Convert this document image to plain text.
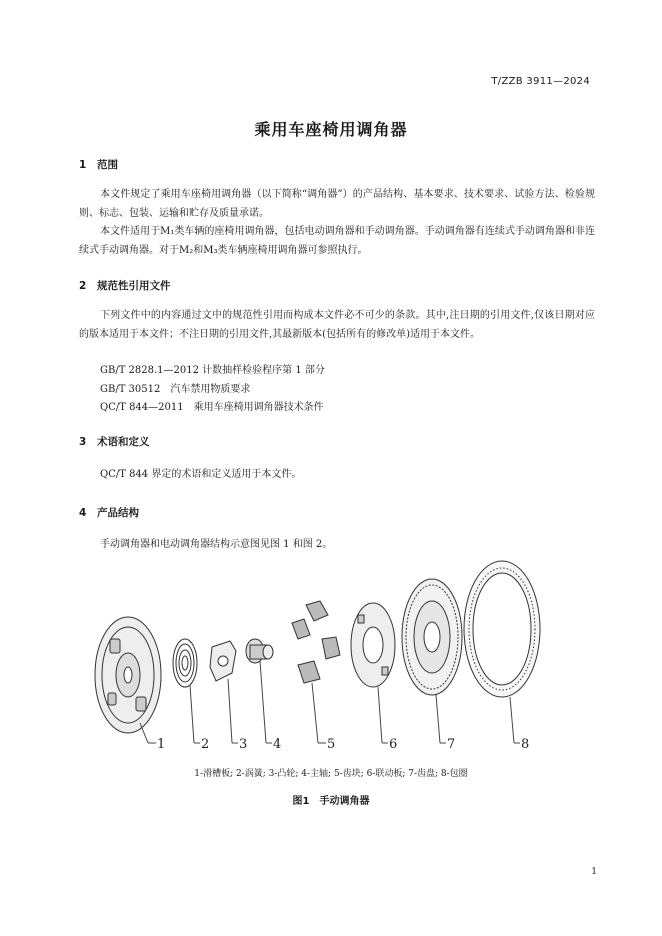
T/ZZB 3911—2024
乘用车座椅用调角器
1 范围

本文件规定了乘用车座椅用调角器（以下简称“调角器”）的产品结构、基本要求、技术要求、试验方法、检验规则、标志、包装、运输和贮存及质量承诺。

本文件适用于M₁类车辆的座椅用调角器，包括电动调角器和手动调角器。手动调角器有连续式手动调角器和非连续式手动调角器。对于M₂和M₃类车辆座椅用调角器可参照执行。

2 规范性引用文件

下列文件中的内容通过文中的规范性引用而构成本文件必不可少的条款。其中,注日期的引用文件,仅该日期对应的版本适用于本文件；不注日期的引用文件,其最新版本(包括所有的修改单)适用于本文件。

GB/T 2828.1—2012 计数抽样检验程序第 1 部分
GB/T 30512　汽车禁用物质要求
QC/T 844—2011　乘用车座椅用调角器技术条件
3 术语和定义

QC/T 844 界定的术语和定义适用于本文件。

4 产品结构

手动调角器和电动调角器结构示意图见图 1 和图 2。

1	2 3 4	5	6	7	8
1-滑槽板; 2-涡簧; 3-凸轮; 4-主轴; 5-齿块; 6-联动板; 7-齿盘; 8-包圈
图1　手动调角器
1
